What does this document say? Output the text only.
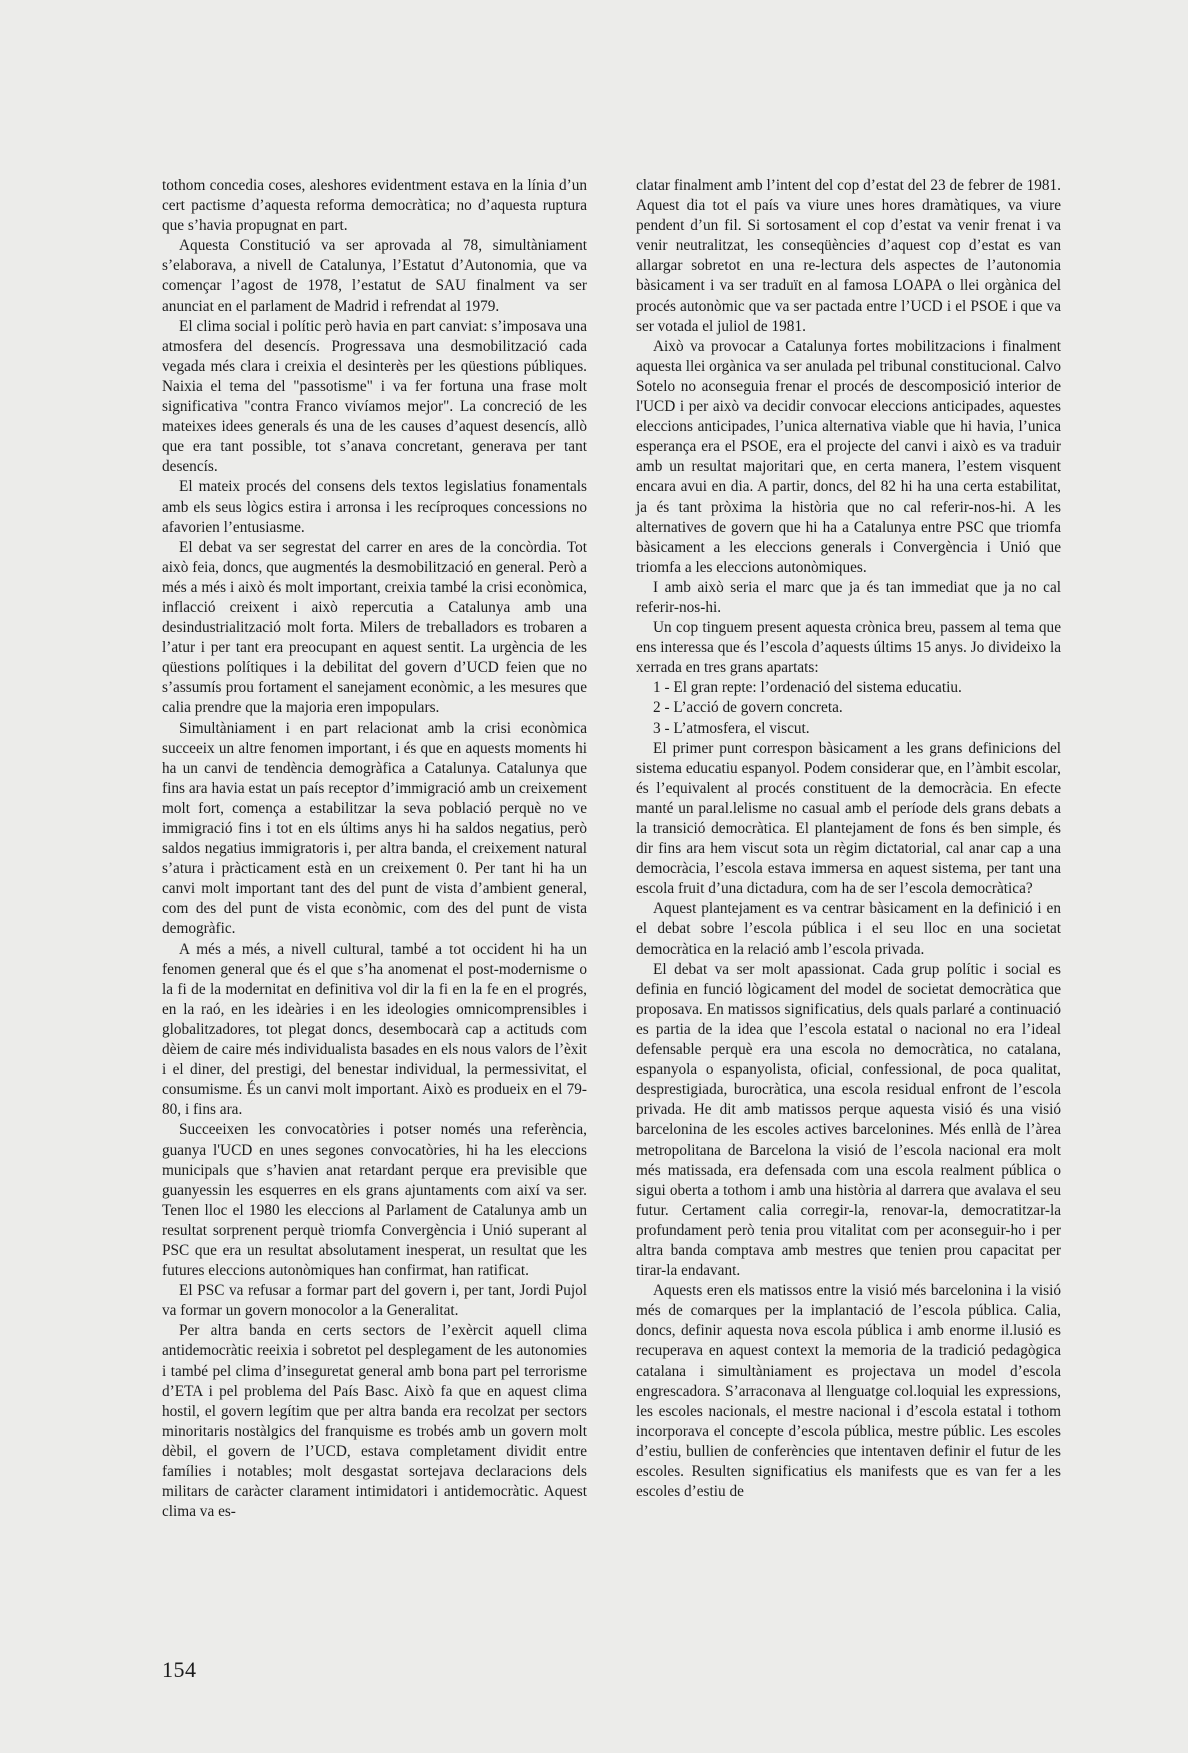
tothom concedia coses, aleshores evidentment estava en la línia d’un cert pactisme d’aquesta reforma democràtica; no d’aquesta ruptura que s’havia propugnat en part.

Aquesta Constitució va ser aprovada al 78, simultàniament s’elaborava, a nivell de Catalunya, l’Estatut d’Autonomia, que va començar l’agost de 1978, l’estatut de SAU finalment va ser anunciat en el parlament de Madrid i refrendat al 1979.

El clima social i polític però havia en part canviat: s’imposava una atmosfera del desencís. Progressava una desmobilització cada vegada més clara i creixia el desinterès per les qüestions públiques. Naixia el tema del "passotisme" i va fer fortuna una frase molt significativa "contra Franco vivíamos mejor". La concreció de les mateixes idees generals és una de les causes d’aquest desencís, allò que era tant possible, tot s’anava concretant, generava per tant desencís.

El mateix procés del consens dels textos legislatius fonamentals amb els seus lògics estira i arronsa i les recíproques concessions no afavorien l’entusiasme.

El debat va ser segrestat del carrer en ares de la concòrdia. Tot això feia, doncs, que augmentés la desmobilització en general. Però a més a més i això és molt important, creixia també la crisi econòmica, inflacció creixent i això repercutia a Catalunya amb una desindustrialització molt forta. Milers de treballadors es trobaren a l’atur i per tant era preocupant en aquest sentit. La urgència de les qüestions polítiques i la debilitat del govern d’UCD feien que no s’assumís prou fortament el sanejament econòmic, a les mesures que calia prendre que la majoria eren impopulars.

Simultàniament i en part relacionat amb la crisi econòmica succeeix un altre fenomen important, i és que en aquests moments hi ha un canvi de tendència demogràfica a Catalunya. Catalunya que fins ara havia estat un país receptor d’immigració amb un creixement molt fort, comença a estabilitzar la seva població perquè no ve immigració fins i tot en els últims anys hi ha saldos negatius, però saldos negatius immigratoris i, per altra banda, el creixement natural s’atura i pràcticament està en un creixement 0. Per tant hi ha un canvi molt important tant des del punt de vista d’ambient general, com des del punt de vista econòmic, com des del punt de vista demogràfic.

A més a més, a nivell cultural, també a tot occident hi ha un fenomen general que és el que s’ha anomenat el post-modernisme o la fi de la modernitat en definitiva vol dir la fi en la fe en el progrés, en la raó, en les ideàries i en les ideologies omnicomprensibles i globalitzadores, tot plegat doncs, desembocarà cap a actituds com dèiem de caire més individualista basades en els nous valors de l’èxit i el diner, del prestigi, del benestar individual, la permessivitat, el consumisme. És un canvi molt important. Això es produeix en el 79-80, i fins ara.

Succeeixen les convocatòries i potser només una referència, guanya l'UCD en unes segones convocatòries, hi ha les eleccions municipals que s’havien anat retardant perque era previsible que guanyessin les esquerres en els grans ajuntaments com així va ser. Tenen lloc el 1980 les eleccions al Parlament de Catalunya amb un resultat sorprenent perquè triomfa Convergència i Unió superant al PSC que era un resultat absolutament inesperat, un resultat que les futures eleccions autonòmiques han confirmat, han ratificat.

El PSC va refusar a formar part del govern i, per tant, Jordi Pujol va formar un govern monocolor a la Generalitat.

Per altra banda en certs sectors de l’exèrcit aquell clima antidemocràtic reeixia i sobretot pel desplegament de les autonomies i també pel clima d’inseguretat general amb bona part pel terrorisme d’ETA i pel problema del País Basc. Això fa que en aquest clima hostil, el govern legítim que per altra banda era recolzat per sectors minoritaris nostàlgics del franquisme es trobés amb un govern molt dèbil, el govern de l’UCD, estava completament dividit entre famílies i notables; molt desgastat sortejava declaracions dels militars de caràcter clarament intimidatori i antidemocràtic. Aquest clima va es-

clatar finalment amb l’intent del cop d’estat del 23 de febrer de 1981. Aquest dia tot el país va viure unes hores dramàtiques, va viure pendent d’un fil. Si sortosament el cop d’estat va venir frenat i va venir neutralitzat, les conseqüències d’aquest cop d’estat es van allargar sobretot en una re-lectura dels aspectes de l’autonomia bàsicament i va ser traduït en al famosa LOAPA o llei orgànica del procés autonòmic que va ser pactada entre l’UCD i el PSOE i que va ser votada el juliol de 1981.

Això va provocar a Catalunya fortes mobilitzacions i finalment aquesta llei orgànica va ser anulada pel tribunal constitucional. Calvo Sotelo no aconseguia frenar el procés de descomposició interior de l'UCD i per això va decidir convocar eleccions anticipades, aquestes eleccions anticipades, l’unica alternativa viable que hi havia, l’unica esperança era el PSOE, era el projecte del canvi i això es va traduir amb un resultat majoritari que, en certa manera, l’estem visquent encara avui en dia. A partir, doncs, del 82 hi ha una certa estabilitat, ja és tant pròxima la història que no cal referir-nos-hi. A les alternatives de govern que hi ha a Catalunya entre PSC que triomfa bàsicament a les eleccions generals i Convergència i Unió que triomfa a les eleccions autonòmiques.

I amb això seria el marc que ja és tan immediat que ja no cal referir-nos-hi.

Un cop tinguem present aquesta crònica breu, passem al tema que ens interessa que és l’escola d’aquests últims 15 anys. Jo divideixo la xerrada en tres grans apartats:

1 - El gran repte: l’ordenació del sistema educatiu.

2 - L’acció de govern concreta.

3 - L’atmosfera, el viscut.

El primer punt correspon bàsicament a les grans definicions del sistema educatiu espanyol. Podem considerar que, en l’àmbit escolar, és l’equivalent al procés constituent de la democràcia. En efecte manté un paral.lelisme no casual amb el període dels grans debats a la transició democràtica. El plantejament de fons és ben simple, és dir fins ara hem viscut sota un règim dictatorial, cal anar cap a una democràcia, l’escola estava immersa en aquest sistema, per tant una escola fruit d’una dictadura, com ha de ser l’escola democràtica?

Aquest plantejament es va centrar bàsicament en la definició i en el debat sobre l’escola pública i el seu lloc en una societat democràtica en la relació amb l’escola privada.

El debat va ser molt apassionat. Cada grup polític i social es definia en funció lògicament del model de societat democràtica que proposava. En matissos significatius, dels quals parlaré a continuació es partia de la idea que l’escola estatal o nacional no era l’ideal defensable perquè era una escola no democràtica, no catalana, espanyola o espanyolista, oficial, confessional, de poca qualitat, desprestigiada, burocràtica, una escola residual enfront de l’escola privada. He dit amb matissos perque aquesta visió és una visió barcelonina de les escoles actives barcelonines. Més enllà de l’àrea metropolitana de Barcelona la visió de l’escola nacional era molt més matissada, era defensada com una escola realment pública o sigui oberta a tothom i amb una història al darrera que avalava el seu futur. Certament calia corregir-la, renovar-la, democratitzar-la profundament però tenia prou vitalitat com per aconseguir-ho i per altra banda comptava amb mestres que tenien prou capacitat per tirar-la endavant.

Aquests eren els matissos entre la visió més barcelonina i la visió més de comarques per la implantació de l’escola pública. Calia, doncs, definir aquesta nova escola pública i amb enorme il.lusió es recuperava en aquest context la memoria de la tradició pedagògica catalana i simultàniament es projectava un model d’escola engrescadora. S’arraconava al llenguatge col.loquial les expressions, les escoles nacionals, el mestre nacional i d’escola estatal i tothom incorporava el concepte d’escola pública, mestre públic. Les escoles d’estiu, bullien de conferències que intentaven definir el futur de les escoles. Resulten significatius els manifests que es van fer a les escoles d’estiu de

154
